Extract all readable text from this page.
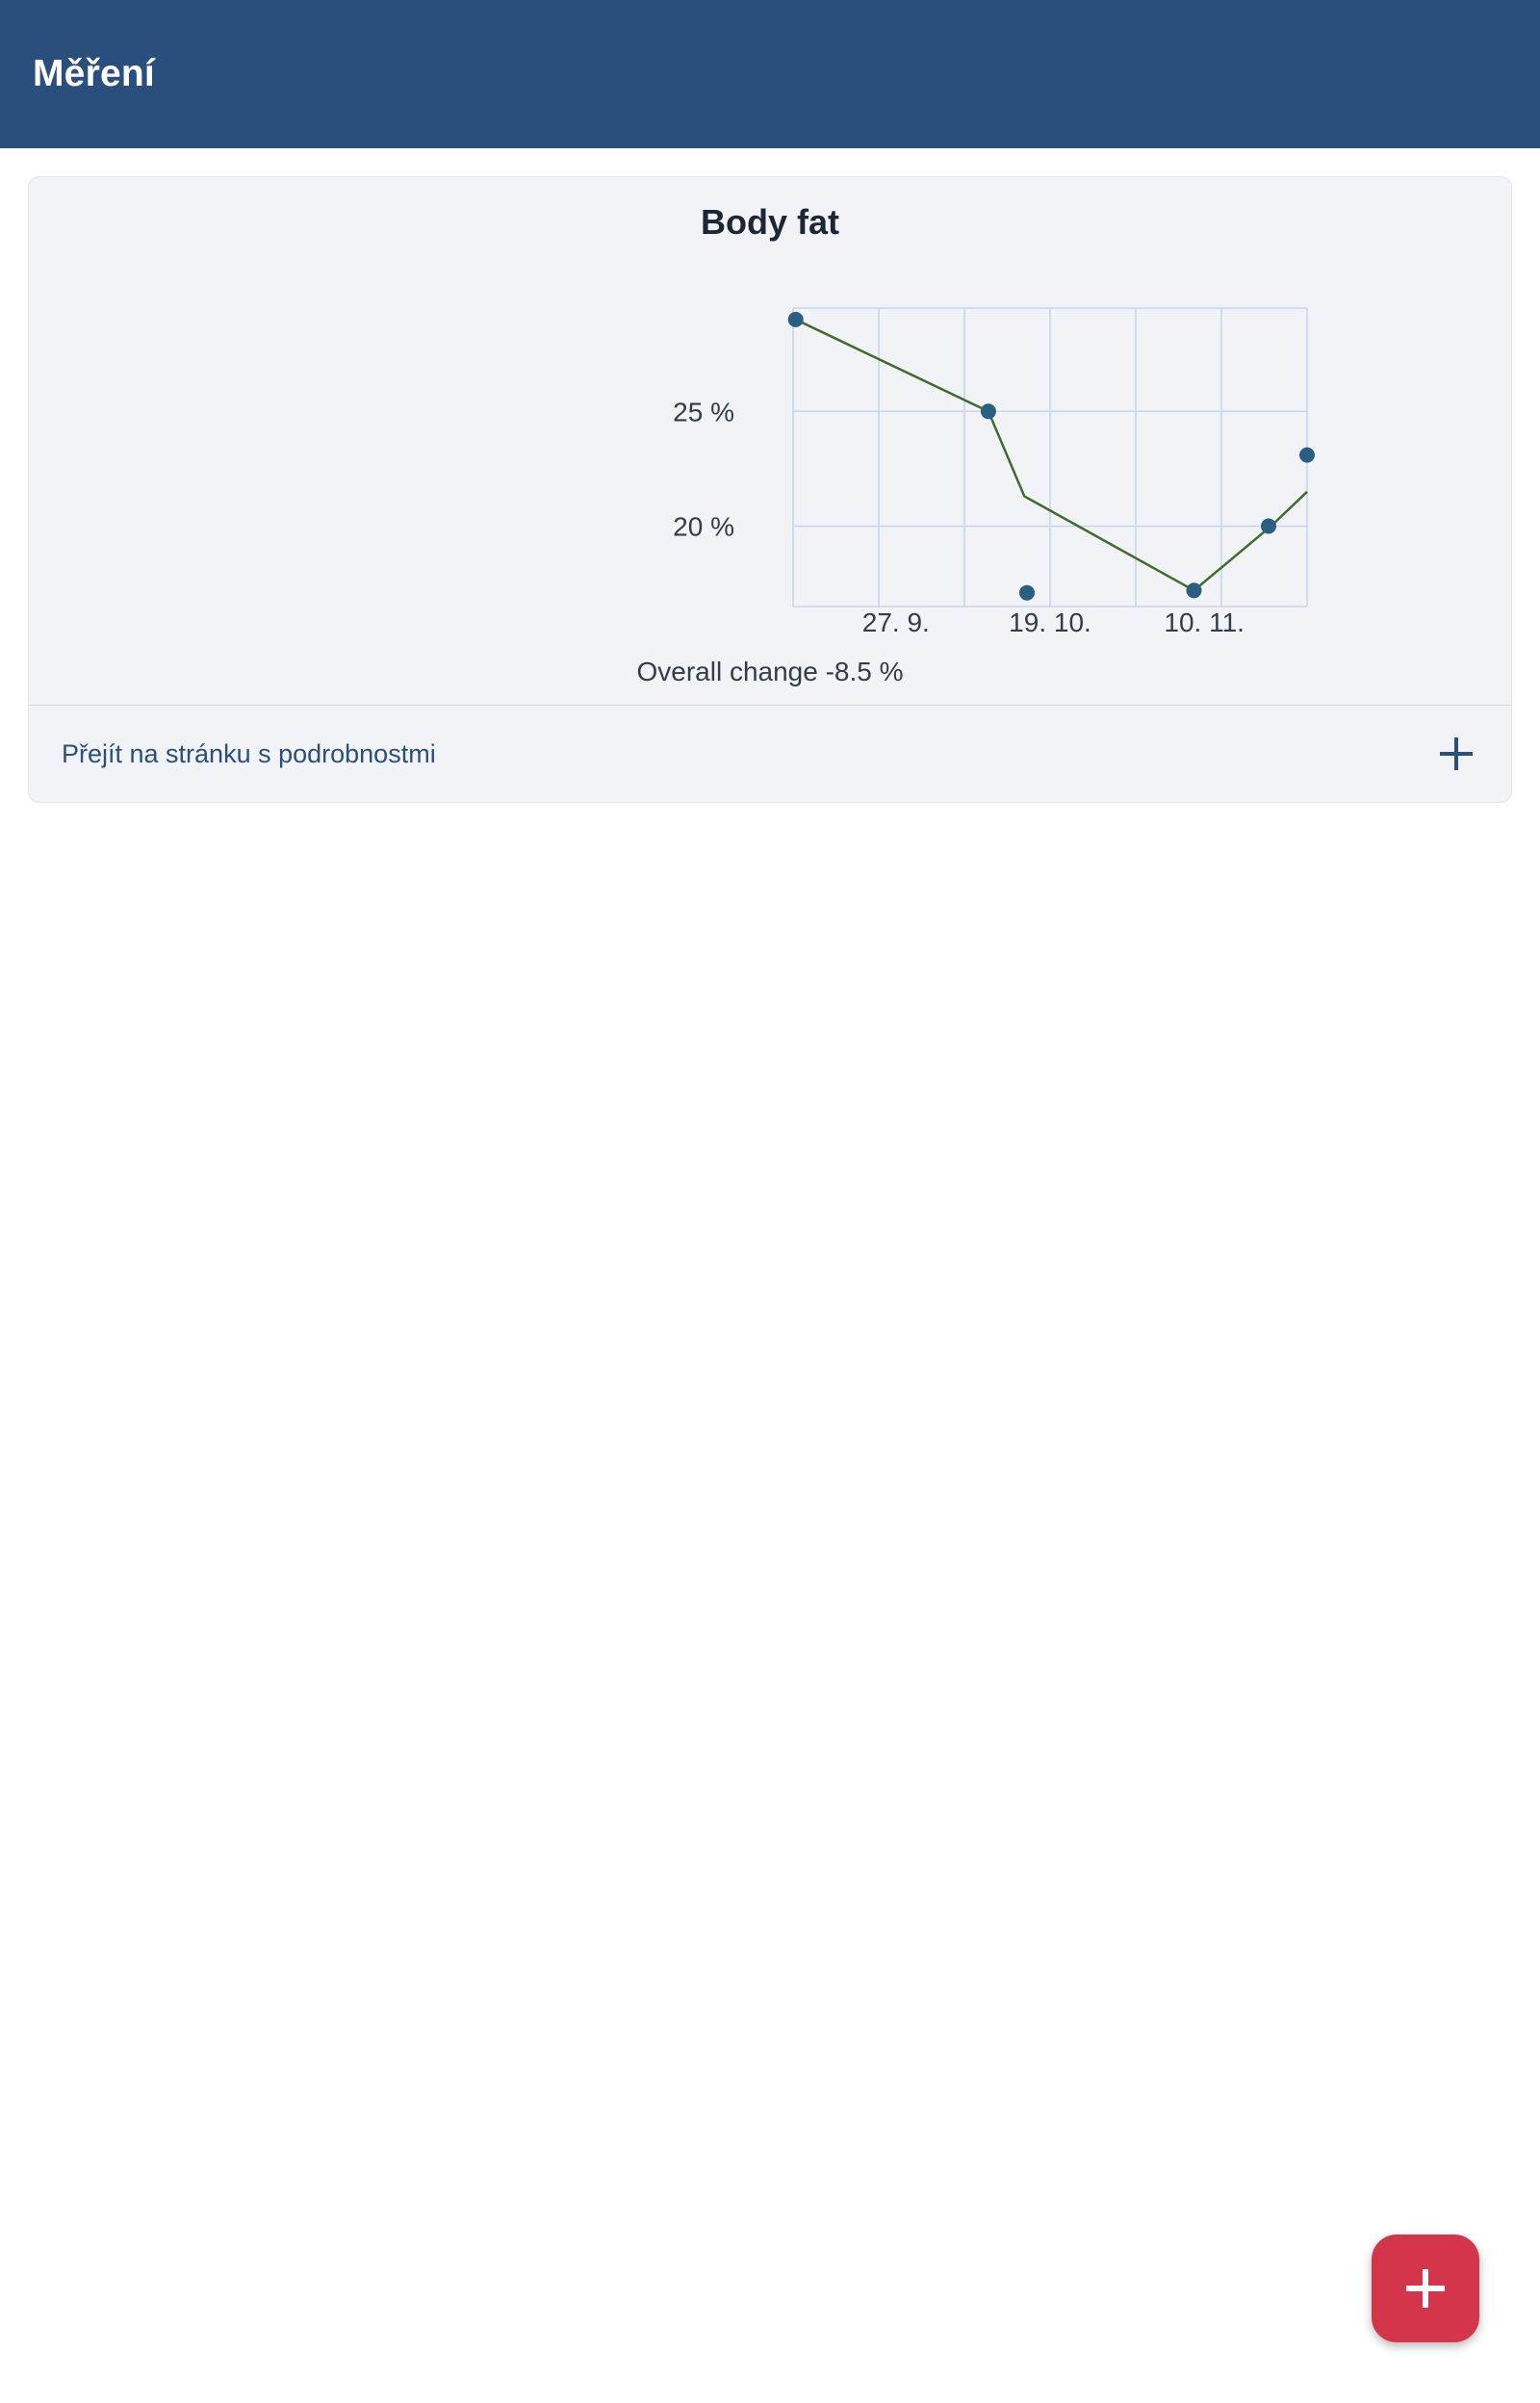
Měření
Body fat
20 %
25 %
27. 9.	19. 10.	10. 11.
Overall change -8.5 %
Přejít na stránku s podrobnostmi
